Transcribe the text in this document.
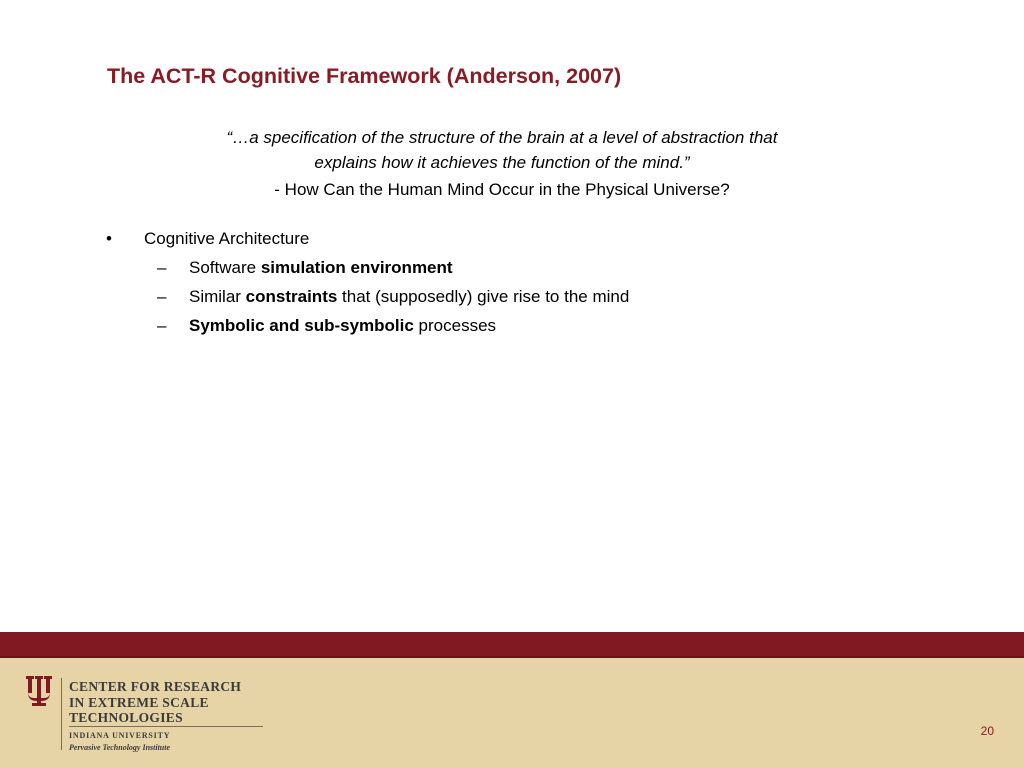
The ACT-R Cognitive Framework (Anderson, 2007)
“…a specification of the structure of the brain at a level of abstraction that
explains how it achieves the function of the mind.”
- How Can the Human Mind Occur in the Physical Universe?
• Cognitive Architecture
– Software simulation environment
– Similar constraints that (supposedly) give rise to the mind
– Symbolic and sub-symbolic processes
CENTER FOR RESEARCH
IN EXTREME SCALE
TECHNOLOGIES
INDIANA UNIVERSITY
Pervasive Technology Institute
20
